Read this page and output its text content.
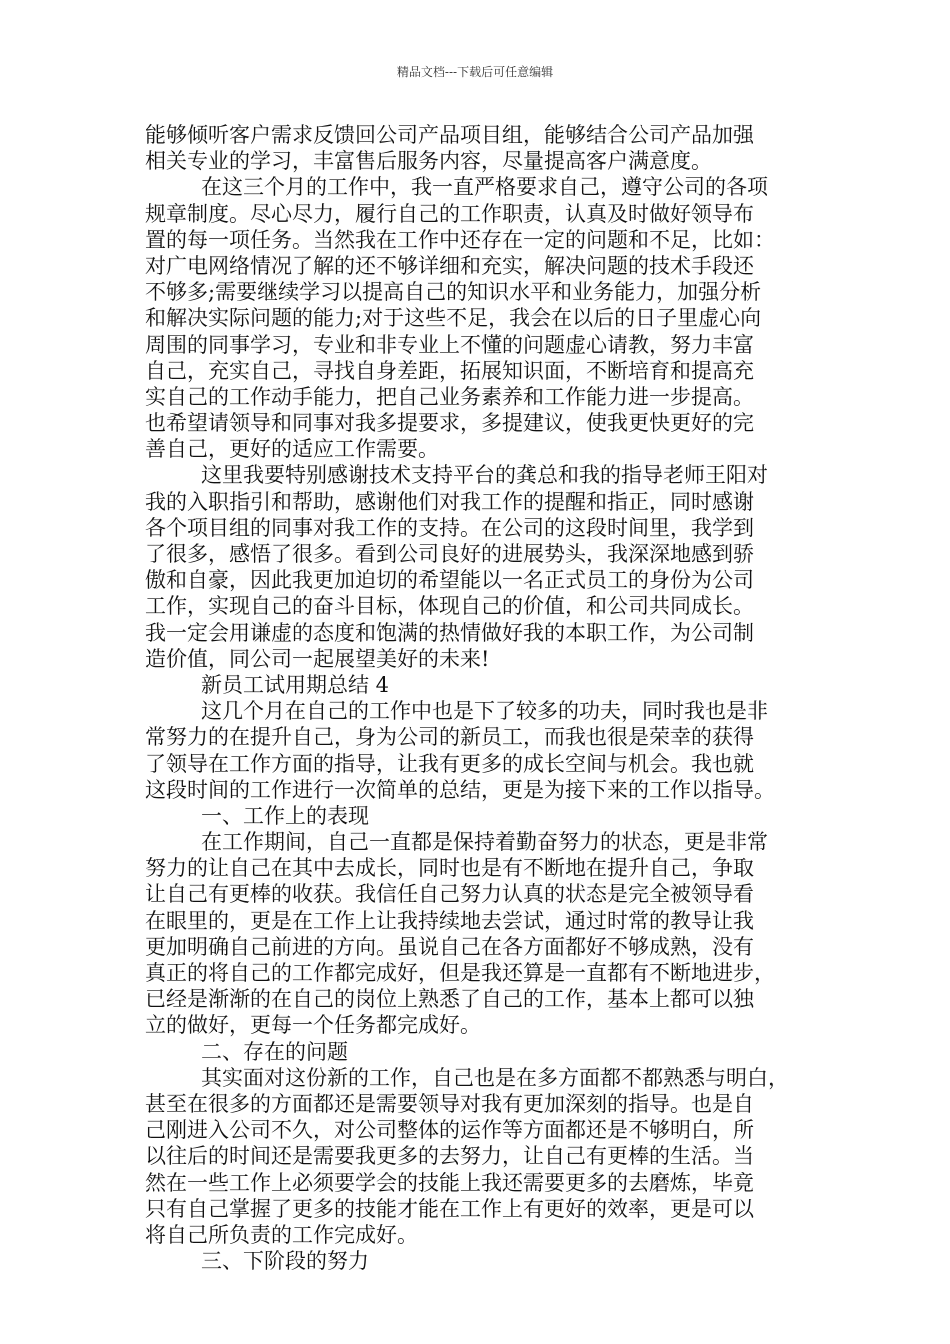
精品文档---下载后可任意编辑
能够倾听客户需求反馈回公司产品项目组，能够结合公司产品加强
相关专业的学习，丰富售后服务内容，尽量提高客户满意度。
在这三个月的工作中，我一直严格要求自己，遵守公司的各项
规章制度。尽心尽力，履行自己的工作职责，认真及时做好领导布
置的每一项任务。当然我在工作中还存在一定的问题和不足，比如：
对广电网络情况了解的还不够详细和充实，解决问题的技术手段还
不够多;需要继续学习以提高自己的知识水平和业务能力，加强分析
和解决实际问题的能力;对于这些不足，我会在以后的日子里虚心向
周围的同事学习，专业和非专业上不懂的问题虚心请教，努力丰富
自己，充实自己，寻找自身差距，拓展知识面，不断培育和提高充
实自己的工作动手能力，把自己业务素养和工作能力进一步提高。
也希望请领导和同事对我多提要求，多提建议，使我更快更好的完
善自己，更好的适应工作需要。
这里我要特别感谢技术支持平台的龚总和我的指导老师王阳对
我的入职指引和帮助，感谢他们对我工作的提醒和指正，同时感谢
各个项目组的同事对我工作的支持。在公司的这段时间里，我学到
了很多，感悟了很多。看到公司良好的进展势头，我深深地感到骄
傲和自豪，因此我更加迫切的希望能以一名正式员工的身份为公司
工作，实现自己的奋斗目标，体现自己的价值，和公司共同成长。
我一定会用谦虚的态度和饱满的热情做好我的本职工作，为公司制
造价值，同公司一起展望美好的未来!
新员工试用期总结 4
这几个月在自己的工作中也是下了较多的功夫，同时我也是非
常努力的在提升自己，身为公司的新员工，而我也很是荣幸的获得
了领导在工作方面的指导，让我有更多的成长空间与机会。我也就
这段时间的工作进行一次简单的总结，更是为接下来的工作以指导。
一、工作上的表现
在工作期间，自己一直都是保持着勤奋努力的状态，更是非常
努力的让自己在其中去成长，同时也是有不断地在提升自己，争取
让自己有更棒的收获。我信任自己努力认真的状态是完全被领导看
在眼里的，更是在工作上让我持续地去尝试，通过时常的教导让我
更加明确自己前进的方向。虽说自己在各方面都好不够成熟，没有
真正的将自己的工作都完成好，但是我还算是一直都有不断地进步，
已经是渐渐的在自己的岗位上熟悉了自己的工作，基本上都可以独
立的做好，更每一个任务都完成好。
二、存在的问题
其实面对这份新的工作，自己也是在多方面都不都熟悉与明白，
甚至在很多的方面都还是需要领导对我有更加深刻的指导。也是自
己刚进入公司不久，对公司整体的运作等方面都还是不够明白，所
以往后的时间还是需要我更多的去努力，让自己有更棒的生活。当
然在一些工作上必须要学会的技能上我还需要更多的去磨炼，毕竟
只有自己掌握了更多的技能才能在工作上有更好的效率，更是可以
将自己所负责的工作完成好。
三、下阶段的努力
